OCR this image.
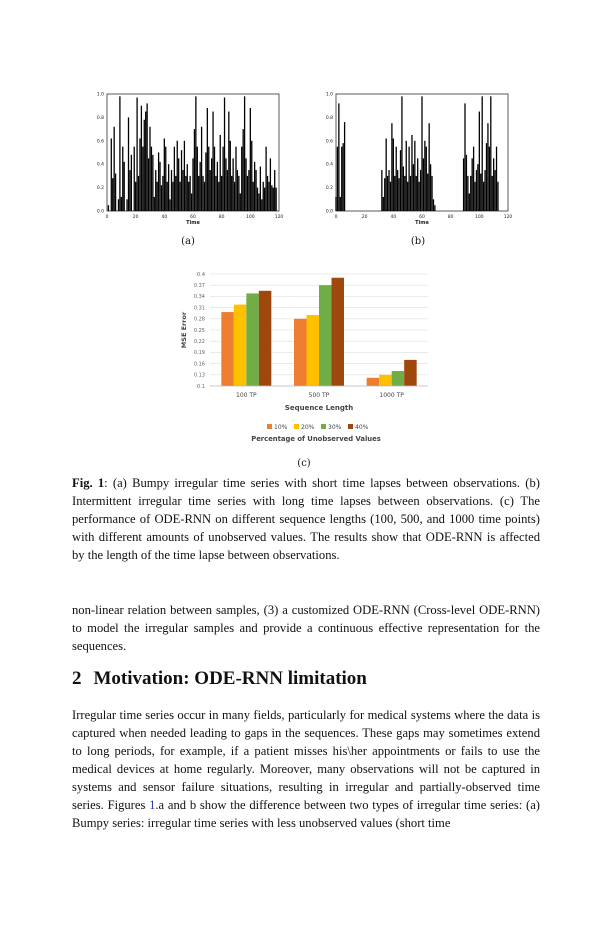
0.0
0.2
0.4
0.6
0.8
1.0
0	20	40	60	80	100	120
Time
(a)
0.0
0.2
0.4
0.6
0.8
1.0
0	20	40	60	80	100	120
Time
(b)
0.1
0.13
0.16
0.19
0.22
0.25
0.28
0.31
0.34
0.37
0.4
MSE Error
100 TP	500 TP	1000 TP
Sequence Length
10% 20% 30% 40%
Percentage of Unobserved Values
(c)

Fig. 1: (a) Bumpy irregular time series with short time lapses between observations. (b) Intermittent irregular time series with long time lapses between observations. (c) The performance of ODE-RNN on different sequence lengths (100, 500, and 1000 time points) with different amounts of unobserved values. The results show that ODE-RNN is affected by the length of the time lapse between observations.

non-linear relation between samples, (3) a customized ODE-RNN (Cross-level ODE-RNN) to model the irregular samples and provide a continuous effective representation for the sequences.

2 Motivation: ODE-RNN limitation

Irregular time series occur in many fields, particularly for medical systems where the data is captured when needed leading to gaps in the sequences. These gaps may sometimes extend to long periods, for example, if a patient misses his\her appointments or fails to use the medical devices at home regularly. Moreover, many observations will not be captured in systems and sensor failure situations, resulting in irregular and partially-observed time series. Figures 1.a and b show the difference between two types of irregular time series: (a) Bumpy series: irregular time series with less unobserved values (short time
